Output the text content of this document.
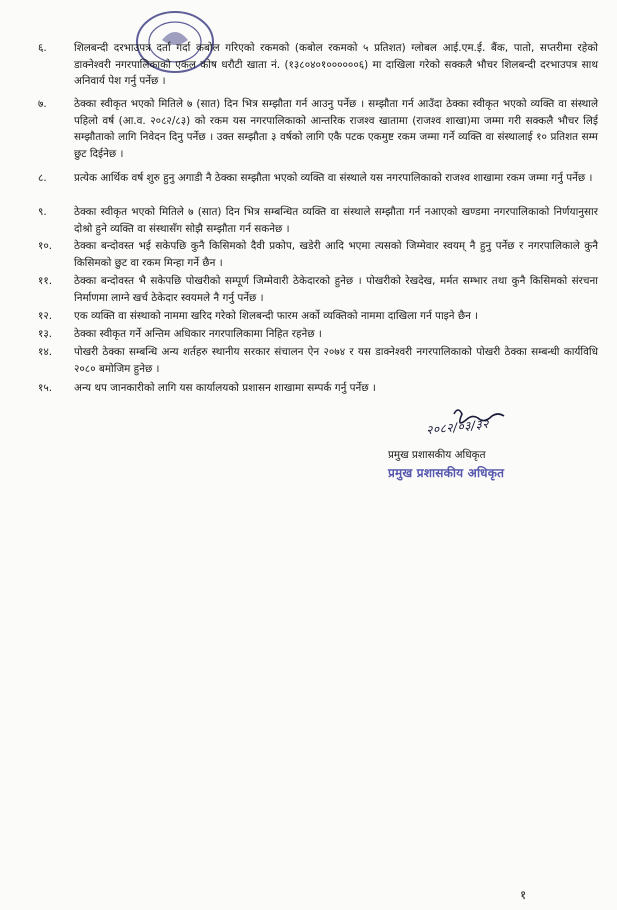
६.	शिलबन्दी दरभाउपत्र दर्ता गर्दा कबोल गरिएको रकमको (कबोल रकमको ५ प्रतिशत) ग्लोबल आई.एम.ई. बैंक, पातो, सप्तरीमा रहेको डाक्नेश्वरी नगरपालिकाको एकल कोष धरौटी खाता नं. (१३८०४०१००००००६) मा दाखिला गरेको सक्कलै भौचर शिलबन्दी दरभाउपत्र साथ अनिवार्य पेश गर्नु पर्नेछ ।
७.	ठेक्का स्वीकृत भएको मितिले ७ (सात) दिन भित्र सम्झौता गर्न आउनु पर्नेछ । सम्झौता गर्न आउँदा ठेक्का स्वीकृत भएको व्यक्ति वा संस्थाले पहिलो वर्ष (आ.व. २०८२/८३) को रकम यस नगरपालिकाको आन्तरिक राजश्व खातामा (राजश्व शाखा)मा जम्मा गरी सक्कलै भौचर लिई सम्झौताको लागि निवेदन दिनु पर्नेछ । उक्त सम्झौता ३ वर्षको लागि एकै पटक एकमुष्ट रकम जम्मा गर्ने व्यक्ति वा संस्थालाई १० प्रतिशत सम्म छुट दिईनेछ ।
८.	प्रत्येक आर्थिक वर्ष शुरु हुनु अगाडी नै ठेक्का सम्झौता भएको व्यक्ति वा संस्थाले यस नगरपालिकाको राजश्व शाखामा रकम जम्मा गर्नु पर्नेछ ।
९.	ठेक्का स्वीकृत भएको मितिले ७ (सात) दिन भित्र सम्बन्धित व्यक्ति वा संस्थाले सम्झौता गर्न नआएको खण्डमा नगरपालिकाको निर्णयानुसार दोश्रो हुने व्यक्ति वा संस्थासँग सोझै सम्झौता गर्न सकनेछ ।
१०.	ठेक्का बन्दोवस्त भई सकेपछि कुनै किसिमको दैवी प्रकोप, खडेरी आदि भएमा त्यसको जिम्मेवार स्वयम् नै हुनु पर्नेछ र नगरपालिकाले कुनै किसिमको छुट वा रकम मिन्हा गर्ने छैन ।
११.	ठेक्का बन्दोवस्त भै सकेपछि पोखरीको सम्पूर्ण जिम्मेवारी ठेकेदारको हुनेछ । पोखरीको रेखदेख, मर्मत सम्भार तथा कुनै किसिमको संरचना निर्माणमा लाग्ने खर्च ठेकेदार स्वयमले नै गर्नु पर्नेछ ।
१२.	एक व्यक्ति वा संस्थाको नाममा खरिद गरेको शिलबन्दी फारम अर्को व्यक्तिको नाममा दाखिला गर्न पाइने छैन ।
१३.	ठेक्का स्वीकृत गर्ने अन्तिम अधिकार नगरपालिकामा निहित रहनेछ ।
१४.	पोखरी ठेक्का सम्बन्धि अन्य शर्तहरु स्थानीय सरकार संचालन ऐन २०७४ र यस डाक्नेश्वरी नगरपालिकाको पोखरी ठेक्का सम्बन्धी कार्यविधि २०८० बमोजिम हुनेछ ।
१५.	अन्य थप जानकारीको लागि यस कार्यालयको प्रशासन शाखामा सम्पर्क गर्नु पर्नेछ ।
२०८२/०३/३२
प्रमुख प्रशासकीय अधिकृत
प्रमुख प्रशासकीय अधिकृत
१
